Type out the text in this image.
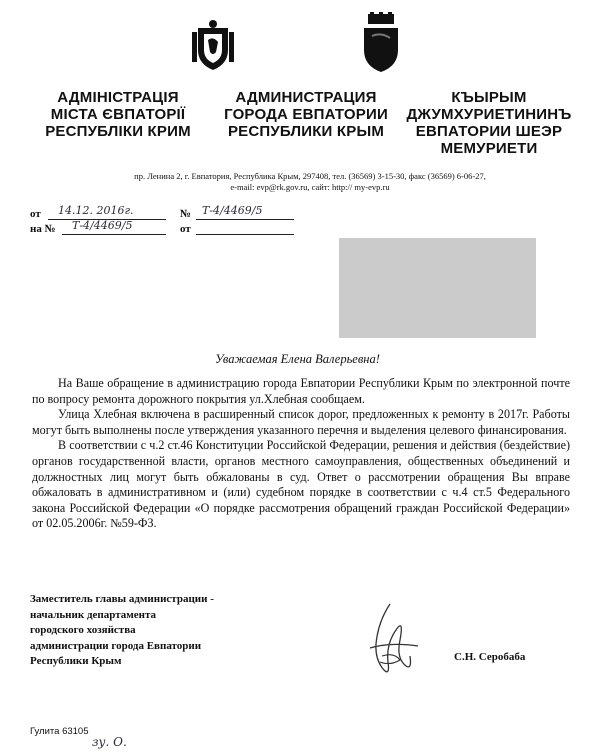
АДМІНІСТРАЦІЯ
МІСТА ЄВПАТОРІЇ
РЕСПУБЛІКИ КРИМ
АДМИНИСТРАЦИЯ
ГОРОДА ЕВПАТОРИИ
РЕСПУБЛИКИ КРЫМ
КЪЫРЫМ
ДЖУМХУРИЕТИНИНЪ
ЕВПАТОРИИ ШЕЭР
МЕМУРИЕТИ
пр. Ленина 2, г. Евпатория, Республика Крым, 297408, тел. (36569) 3-15-30, факс (36569) 6-06-27,
e-mail: evp@rk.gov.ru, сайт: http:// my-evp.ru
от	14.12. 2016г.	№ Т-4/4469/5
на №	Т-4/4469/5	от
Уважаемая Елена Валерьевна!

На Ваше обращение в администрацию города Евпатории Республики Крым по электронной почте по вопросу ремонта дорожного покрытия ул.Хлебная сообщаем.

Улица Хлебная включена в расширенный список дорог, предложенных к ремонту в 2017г. Работы могут быть выполнены после утверждения указанного перечня и выделения целевого финансирования.

В соответствии с ч.2 ст.46 Конституции Российской Федерации, решения и действия (бездействие) органов государственной власти, органов местного самоуправления, общественных объединений и должностных лиц могут быть обжалованы в суд. Ответ о рассмотрении обращения Вы вправе обжаловать в административном и (или) судебном порядке в соответствии с ч.4 ст.5 Федерального закона Российской Федерации «О порядке рассмотрения обращений граждан Российской Федерации» от 02.05.2006г. №59-ФЗ.

Заместитель главы администрации -
начальник департамента
городского хозяйства
администрации города Евпатории
Республики Крым	С.Н. Серобаба
Гулита 63105
зу. О.
